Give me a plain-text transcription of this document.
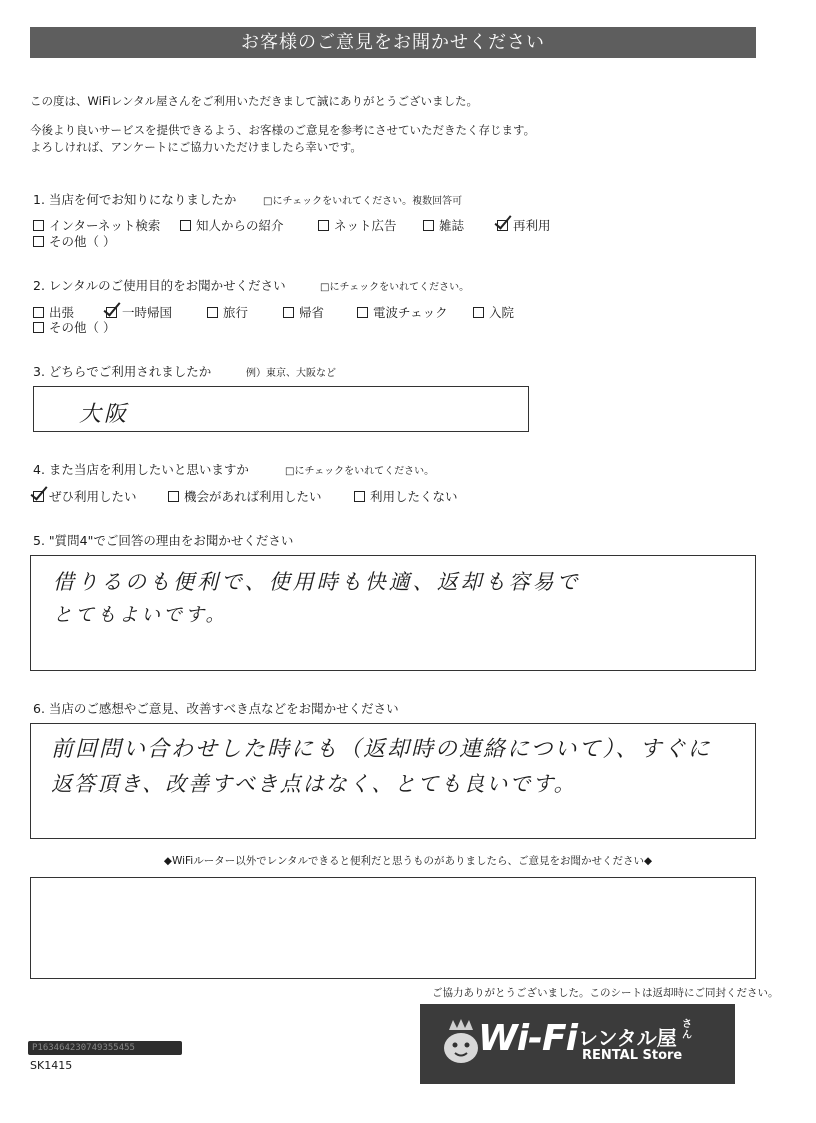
お客様のご意見をお聞かせください
この度は、WiFiレンタル屋さんをご利用いただきまして誠にありがとうございました。
今後より良いサービスを提供できるよう、お客様のご意見を参考にさせていただきたく存じます。
よろしければ、アンケートにご協力いただけましたら幸いです。
1. 当店を何でお知りになりましたか	□にチェックをいれてください。複数回答可
インターネット検索	知人からの紹介	ネット広告	雑誌	再利用
その他（ ）
2. レンタルのご使用目的をお聞かせください	□にチェックをいれてください。
出張	一時帰国	旅行	帰省	電波チェック	入院
その他（ ）
3. どちらでご利用されましたか	例）東京、大阪など
大阪
4. また当店を利用したいと思いますか	□にチェックをいれてください。
ぜひ利用したい	機会があれば利用したい	利用したくない
5. "質問4"でご回答の理由をお聞かせください
借りるのも便利で、使用時も快適、返却も容易で
とてもよいです。
6. 当店のご感想やご意見、改善すべき点などをお聞かせください
前回問い合わせした時にも（返却時の連絡について）、すぐに
返答頂き、改善すべき点はなく、とても良いです。
◆WiFiルーター以外でレンタルできると便利だと思うものがありましたら、ご意見をお聞かせください◆
ご協力ありがとうございました。このシートは返却時にご同封ください。
P163464230749355455
SK1415
Wi-Fi レンタル屋
さん
RENTAL Store
